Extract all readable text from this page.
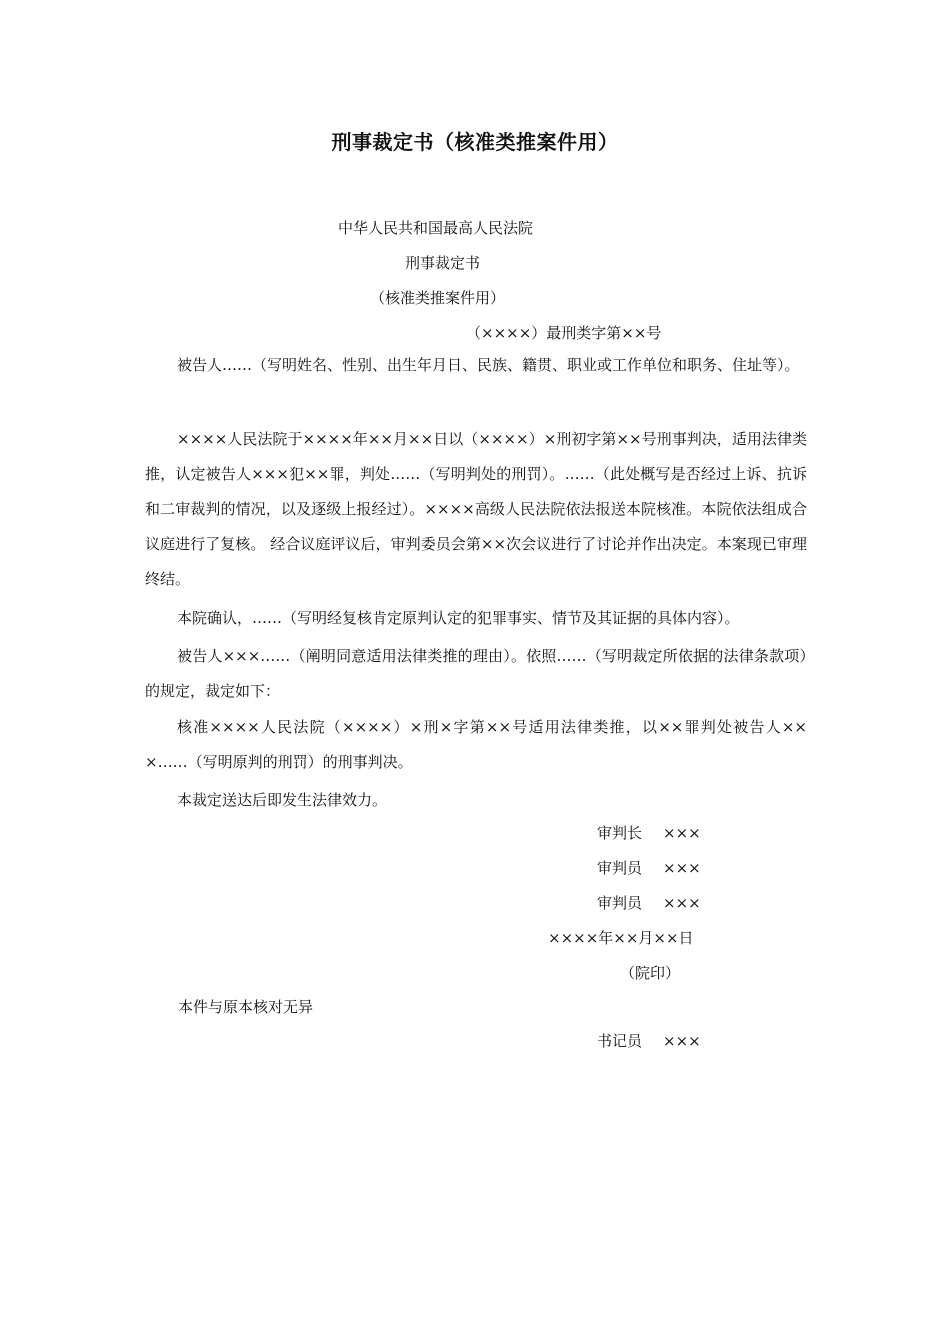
刑事裁定书（核准类推案件用）
中华人民共和国最高人民法院
刑事裁定书
（核准类推案件用）
（××××）最刑类字第××号

被告人……（写明姓名、性别、出生年月日、民族、籍贯、职业或工作单位和职务、住址等）。

××××人民法院于××××年××月××日以（××××）×刑初字第××号刑事判决，适用法律类推，认定被告人×××犯××罪，判处……（写明判处的刑罚）。……（此处概写是否经过上诉、抗诉和二审裁判的情况，以及逐级上报经过）。××××高级人民法院依法报送本院核准。本院依法组成合议庭进行了复核。 经合议庭评议后，审判委员会第××次会议进行了讨论并作出决定。本案现已审理终结。

本院确认，……（写明经复核肯定原判认定的犯罪事实、情节及其证据的具体内容）。

被告人×××……（阐明同意适用法律类推的理由）。依照……（写明裁定所依据的法律条款项）的规定，裁定如下：

核准××××人民法院（××××）×刑×字第××号适用法律类推，以××罪判处被告人×××……（写明原判的刑罚）的刑事判决。

本裁定送达后即发生法律效力。

审判长 ×××
审判员 ×××
审判员 ×××
××××年××月××日
（院印）
本件与原本核对无异
书记员 ×××
